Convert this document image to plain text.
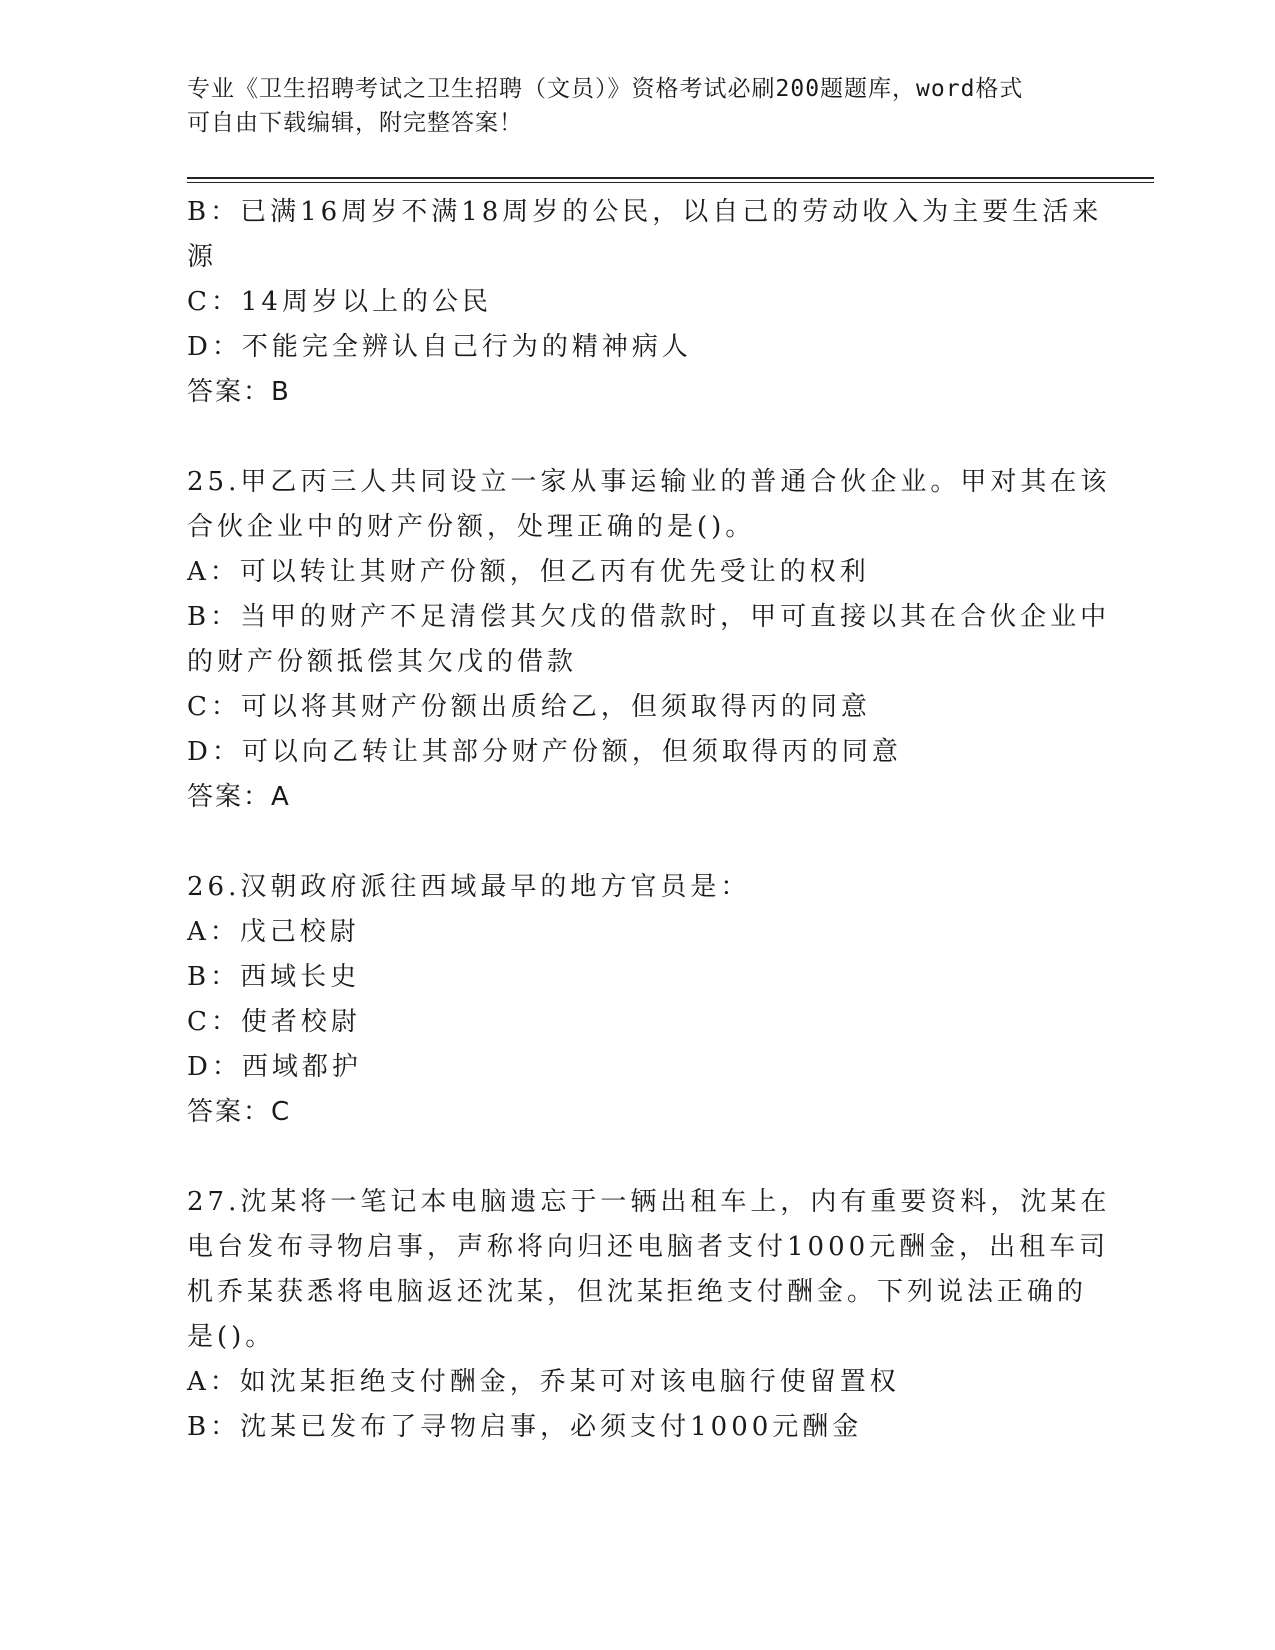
专业《卫生招聘考试之卫生招聘（文员）》资格考试必刷200题题库，word格式
可自由下载编辑，附完整答案！
B：已满16周岁不满18周岁的公民，以自己的劳动收入为主要生活来
源
C：14周岁以上的公民
D：不能完全辨认自己行为的精神病人
答案：B
25.甲乙丙三人共同设立一家从事运输业的普通合伙企业。甲对其在该
合伙企业中的财产份额，处理正确的是()。
A：可以转让其财产份额，但乙丙有优先受让的权利
B：当甲的财产不足清偿其欠戊的借款时，甲可直接以其在合伙企业中
的财产份额抵偿其欠戊的借款
C：可以将其财产份额出质给乙，但须取得丙的同意
D：可以向乙转让其部分财产份额，但须取得丙的同意
答案：A
26.汉朝政府派往西域最早的地方官员是：
A：戊己校尉
B：西域长史
C：使者校尉
D：西域都护
答案：C
27.沈某将一笔记本电脑遗忘于一辆出租车上，内有重要资料，沈某在
电台发布寻物启事，声称将向归还电脑者支付1000元酬金，出租车司
机乔某获悉将电脑返还沈某，但沈某拒绝支付酬金。下列说法正确的
是()。
A：如沈某拒绝支付酬金，乔某可对该电脑行使留置权
B：沈某已发布了寻物启事，必须支付1000元酬金
